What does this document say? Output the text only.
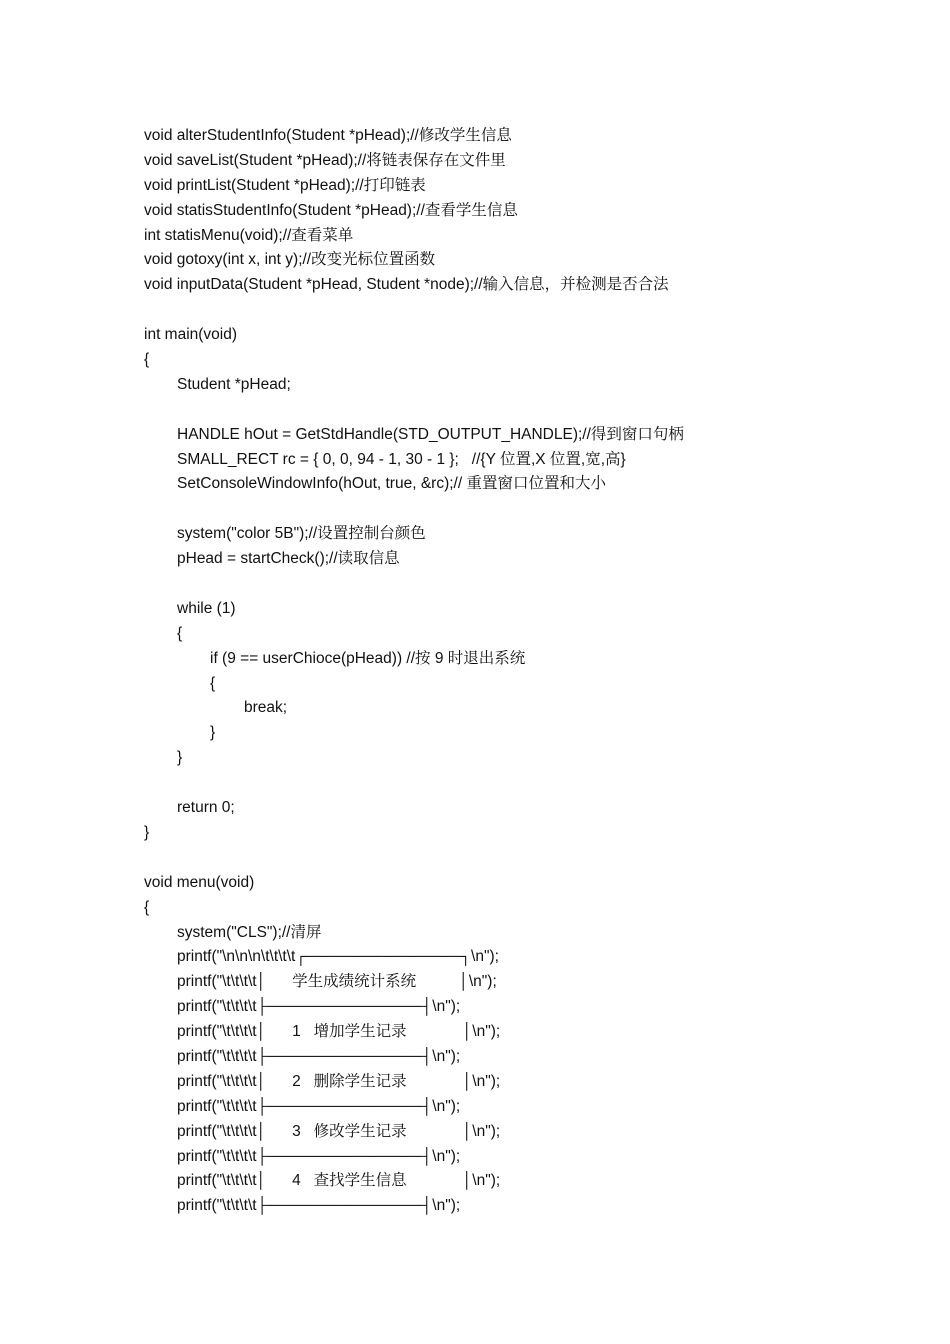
void alterStudentInfo(Student *pHead);//修改学生信息
void saveList(Student *pHead);//将链表保存在文件里
void printList(Student *pHead);//打印链表
void statisStudentInfo(Student *pHead);//查看学生信息
int statisMenu(void);//查看菜单
void gotoxy(int x, int y);//改变光标位置函数
void inputData(Student *pHead, Student *node);//输入信息，并检测是否合法
int main(void)
{
Student *pHead;
HANDLE hOut = GetStdHandle(STD_OUTPUT_HANDLE);//得到窗口句柄
SMALL_RECT rc = { 0, 0, 94 - 1, 30 - 1 };   //{Y 位置,X 位置,宽,高}
SetConsoleWindowInfo(hOut, true, &rc);// 重置窗口位置和大小
system("color 5B");//设置控制台颜色
pHead = startCheck();//读取信息
while (1)
{
if (9 == userChioce(pHead)) //按 9 时退出系统
{
break;
}
}
return 0;
}
void menu(void)
{
system("CLS");//清屏
printf("\n\n\n\t\t\t\t┌──────────────┐\n");
printf("\t\t\t\t│      学生成绩统计系统          │\n");
printf("\t\t\t\t├──────────────┤\n");
printf("\t\t\t\t│      1   增加学生记录             │\n");
printf("\t\t\t\t├──────────────┤\n");
printf("\t\t\t\t│      2   删除学生记录             │\n");
printf("\t\t\t\t├──────────────┤\n");
printf("\t\t\t\t│      3   修改学生记录             │\n");
printf("\t\t\t\t├──────────────┤\n");
printf("\t\t\t\t│      4   查找学生信息             │\n");
printf("\t\t\t\t├──────────────┤\n");
